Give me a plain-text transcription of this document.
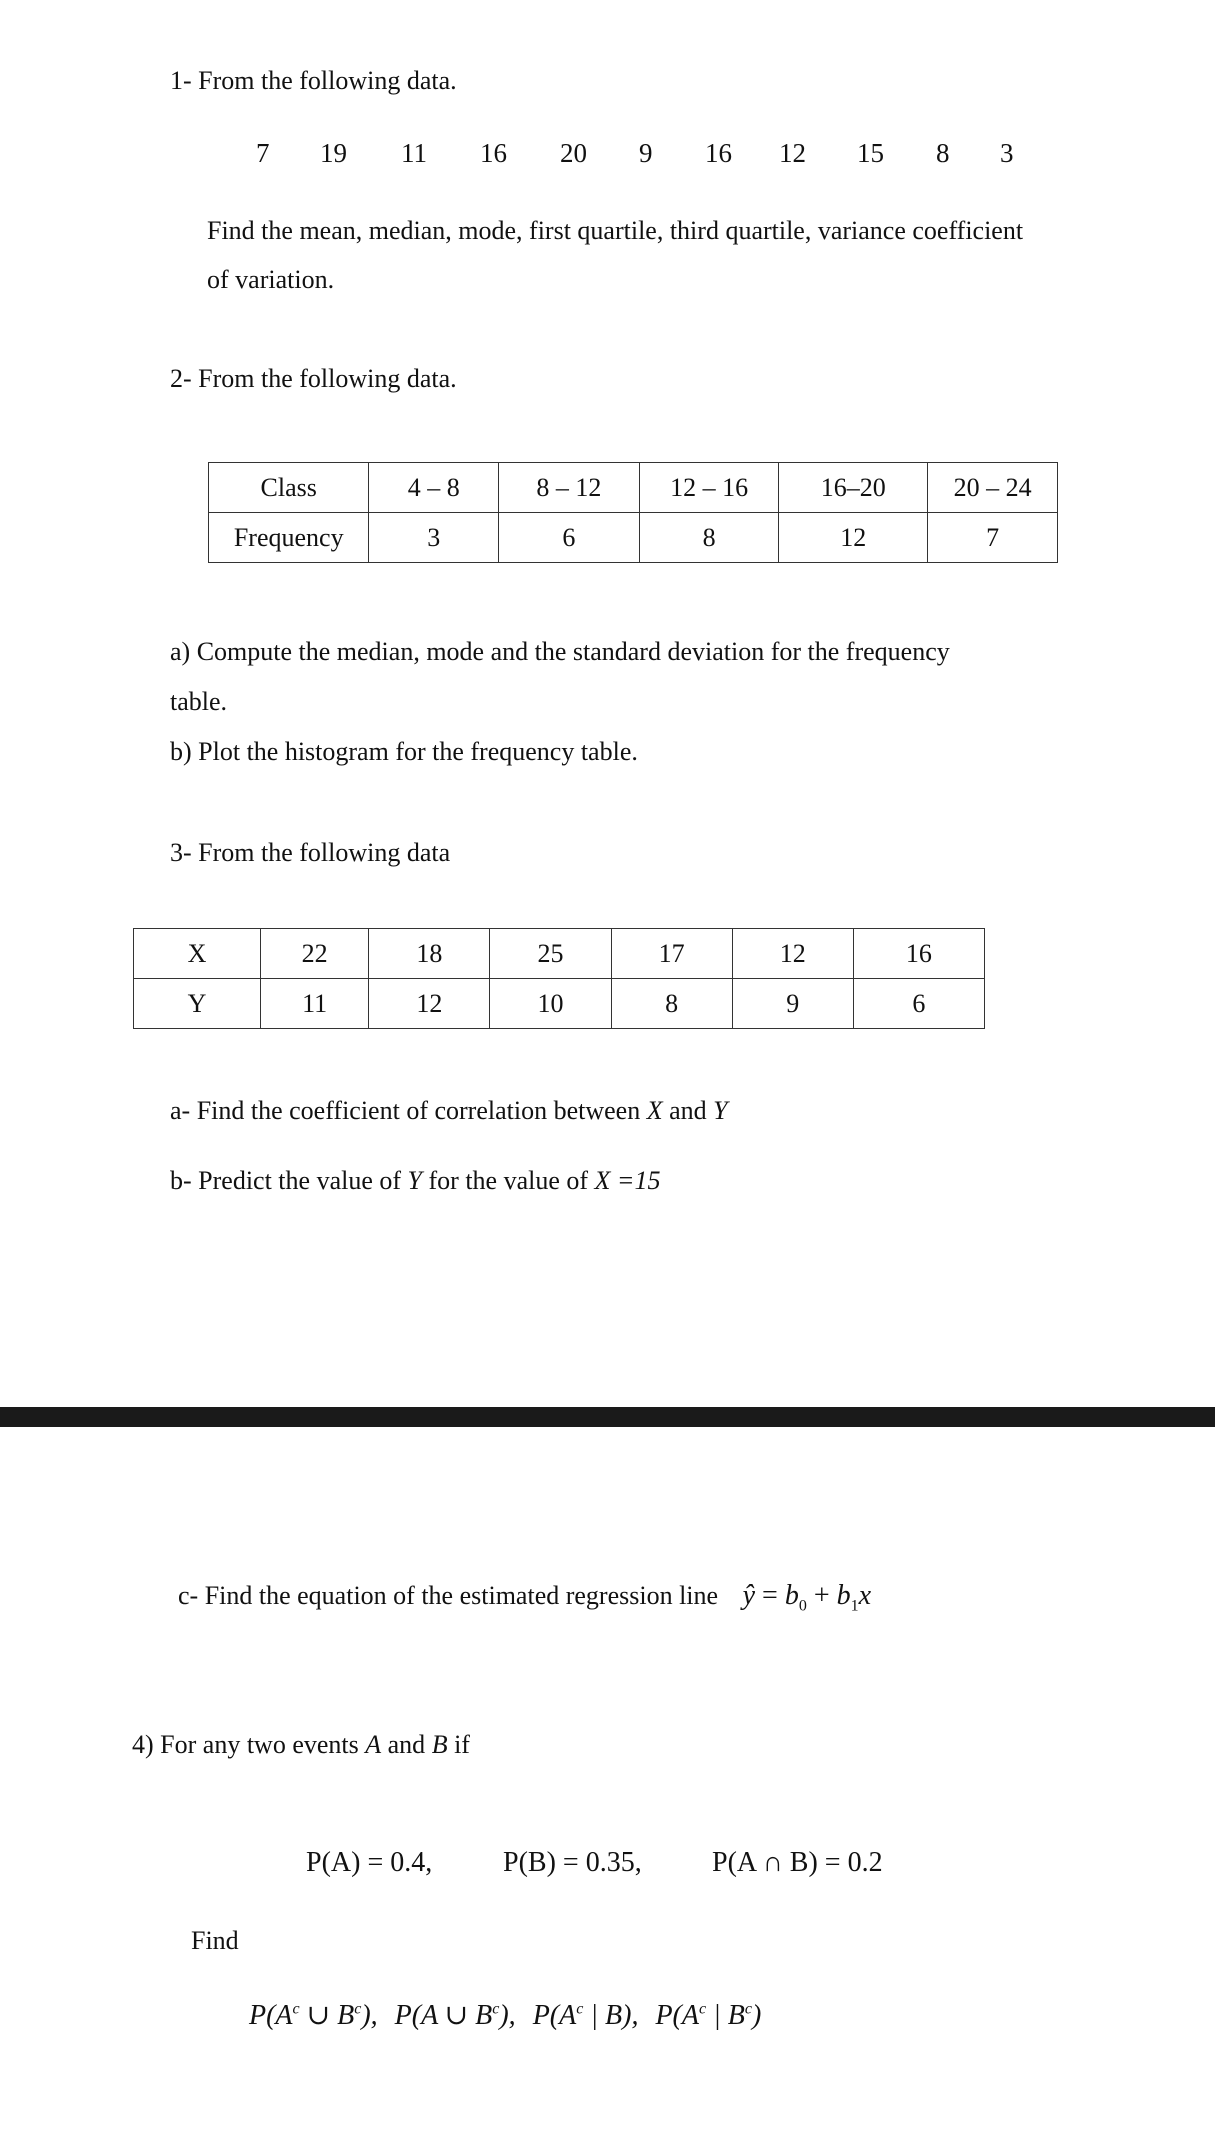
1- From the following data.
7 19 11 16 20 9 16 12 15 8 3
Find the mean, median, mode, first quartile, third quartile, variance coefficient
of variation.
2- From the following data.
Class	4 – 8	8 – 12	12 – 16	16–20	20 – 24
Frequency	3	6	8	12	7
a) Compute the median, mode and the standard deviation for the frequency
table.
b) Plot the histogram for the frequency table.
3- From the following data
X	22	18	25	17	12	16
Y	11	12	10	8	9	6
a- Find the coefficient of correlation between X and Y
b- Predict the value of Y for the value of X =15
c- Find the equation of the estimated regression line ŷ = $b_0 + b_1x$
4) For any two events A and B if
P(A) = 0.4,	P(B) = 0.35,	P(A ∩ B) = 0.2
Find
$P(A^c$ ∪ $B^c$), P(A ∪ $B^c$), $P(A^c$ | B), $P(A^c$ | $B^c$)
